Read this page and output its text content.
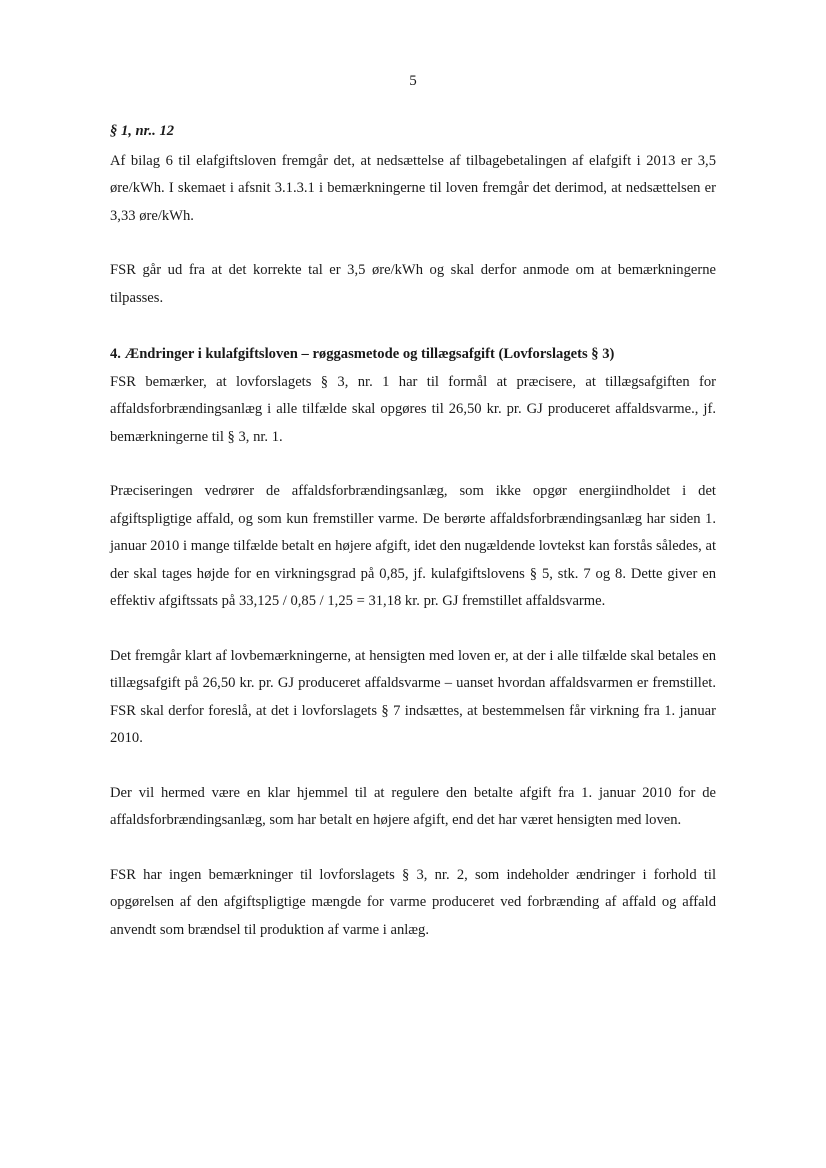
5

§ 1, nr.. 12

Af bilag 6 til elafgiftsloven fremgår det, at nedsættelse af tilbagebetalingen af elafgift i 2013 er 3,5 øre/kWh. I skemaet i afsnit 3.1.3.1 i bemærkningerne til loven fremgår det derimod, at nedsættelsen er 3,33 øre/kWh.

FSR går ud fra at det korrekte tal er 3,5 øre/kWh og skal derfor anmode om at bemærkningerne tilpasses.

4. Ændringer i kulafgiftsloven – røggasmetode og tillægsafgift (Lovforslagets § 3)

FSR bemærker, at lovforslagets § 3, nr. 1 har til formål at præcisere, at tillægsafgiften for affaldsforbrændingsanlæg i alle tilfælde skal opgøres til 26,50 kr. pr. GJ produceret affaldsvarme., jf. bemærkningerne til § 3, nr. 1.

Præciseringen vedrører de affaldsforbrændingsanlæg, som ikke opgør energiindholdet i det afgiftspligtige affald, og som kun fremstiller varme. De berørte affaldsforbrændingsanlæg har siden 1. januar 2010 i mange tilfælde betalt en højere afgift, idet den nugældende lovtekst kan forstås således, at der skal tages højde for en virkningsgrad på 0,85, jf. kulafgiftslovens § 5, stk. 7 og 8. Dette giver en effektiv afgiftssats på 33,125 / 0,85 / 1,25 = 31,18 kr. pr. GJ fremstillet affaldsvarme.

Det fremgår klart af lovbemærkningerne, at hensigten med loven er, at der i alle tilfælde skal betales en tillægsafgift på 26,50 kr. pr. GJ produceret affaldsvarme – uanset hvordan affaldsvarmen er fremstillet. FSR skal derfor foreslå, at det i lovforslagets § 7 indsættes, at bestemmelsen får virkning fra 1. januar 2010.

Der vil hermed være en klar hjemmel til at regulere den betalte afgift fra 1. januar 2010 for de affaldsforbrændingsanlæg, som har betalt en højere afgift, end det har været hensigten med loven.

FSR har ingen bemærkninger til lovforslagets § 3, nr. 2, som indeholder ændringer i forhold til opgørelsen af den afgiftspligtige mængde for varme produceret ved forbrænding af affald og affald anvendt som brændsel til produktion af varme i anlæg.
